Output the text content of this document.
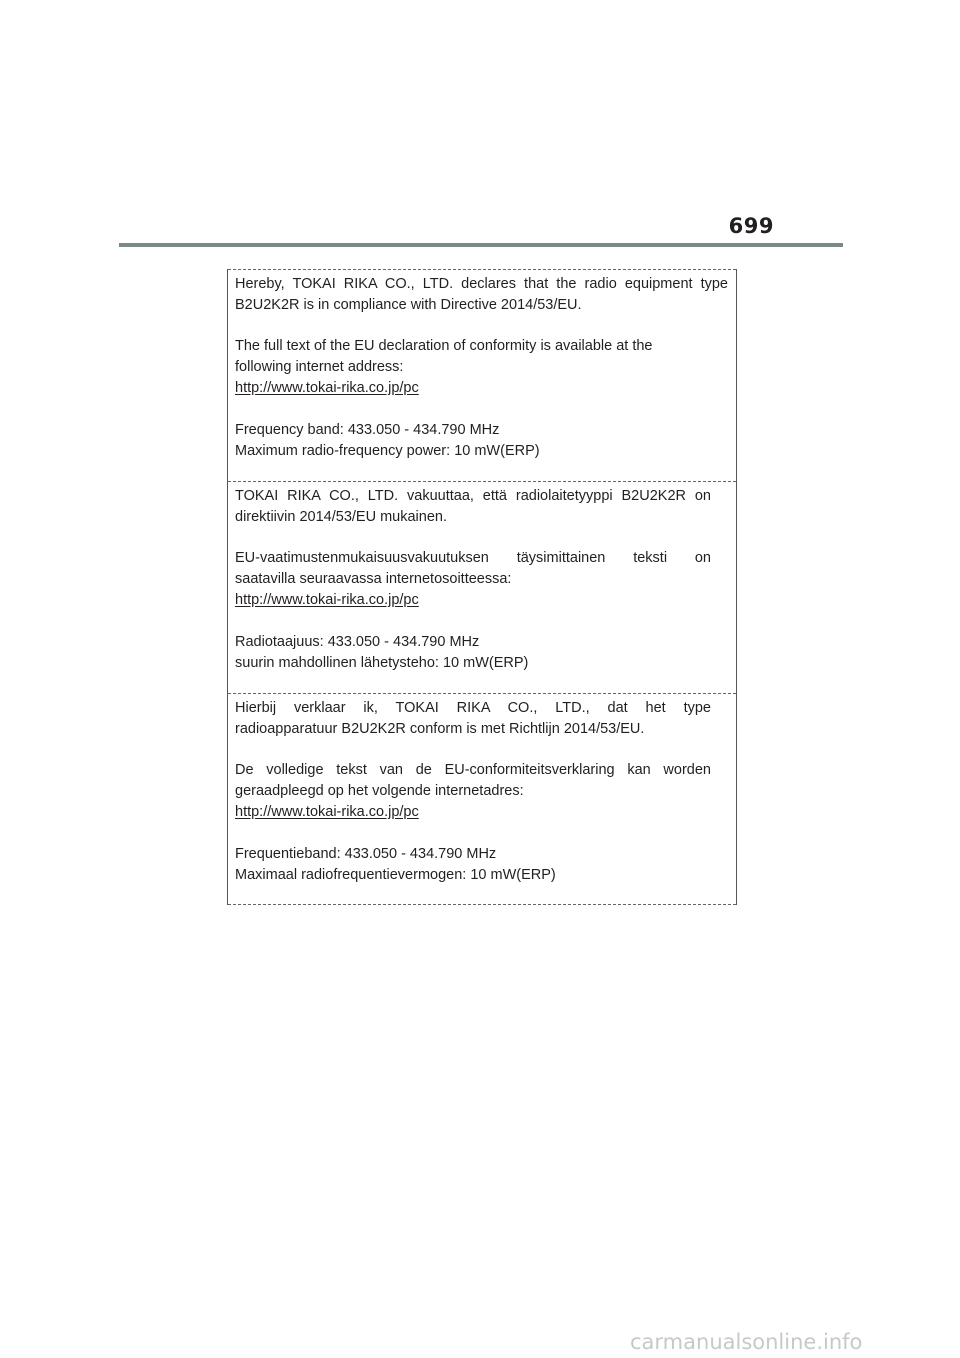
699
Hereby, TOKAI RIKA CO., LTD. declares that the radio equipment type
B2U2K2R is in compliance with Directive 2014/53/EU.
The full text of the EU declaration of conformity is available at the
following internet address:
http://www.tokai-rika.co.jp/pc
Frequency band: 433.050 - 434.790 MHz
Maximum radio-frequency power: 10 mW(ERP)
TOKAI RIKA CO., LTD. vakuuttaa, että radiolaitetyyppi B2U2K2R on
direktiivin 2014/53/EU mukainen.
EU-vaatimustenmukaisuusvakuutuksen täysimittainen teksti on
saatavilla seuraavassa internetosoitteessa:
http://www.tokai-rika.co.jp/pc
Radiotaajuus: 433.050 - 434.790 MHz
suurin mahdollinen lähetysteho: 10 mW(ERP)
Hierbij verklaar ik, TOKAI RIKA CO., LTD., dat het type
radioapparatuur B2U2K2R conform is met Richtlijn 2014/53/EU.
De volledige tekst van de EU-conformiteitsverklaring kan worden
geraadpleegd op het volgende internetadres:
http://www.tokai-rika.co.jp/pc
Frequentieband: 433.050 - 434.790 MHz
Maximaal radiofrequentievermogen: 10 mW(ERP)
carmanualsonline.info
